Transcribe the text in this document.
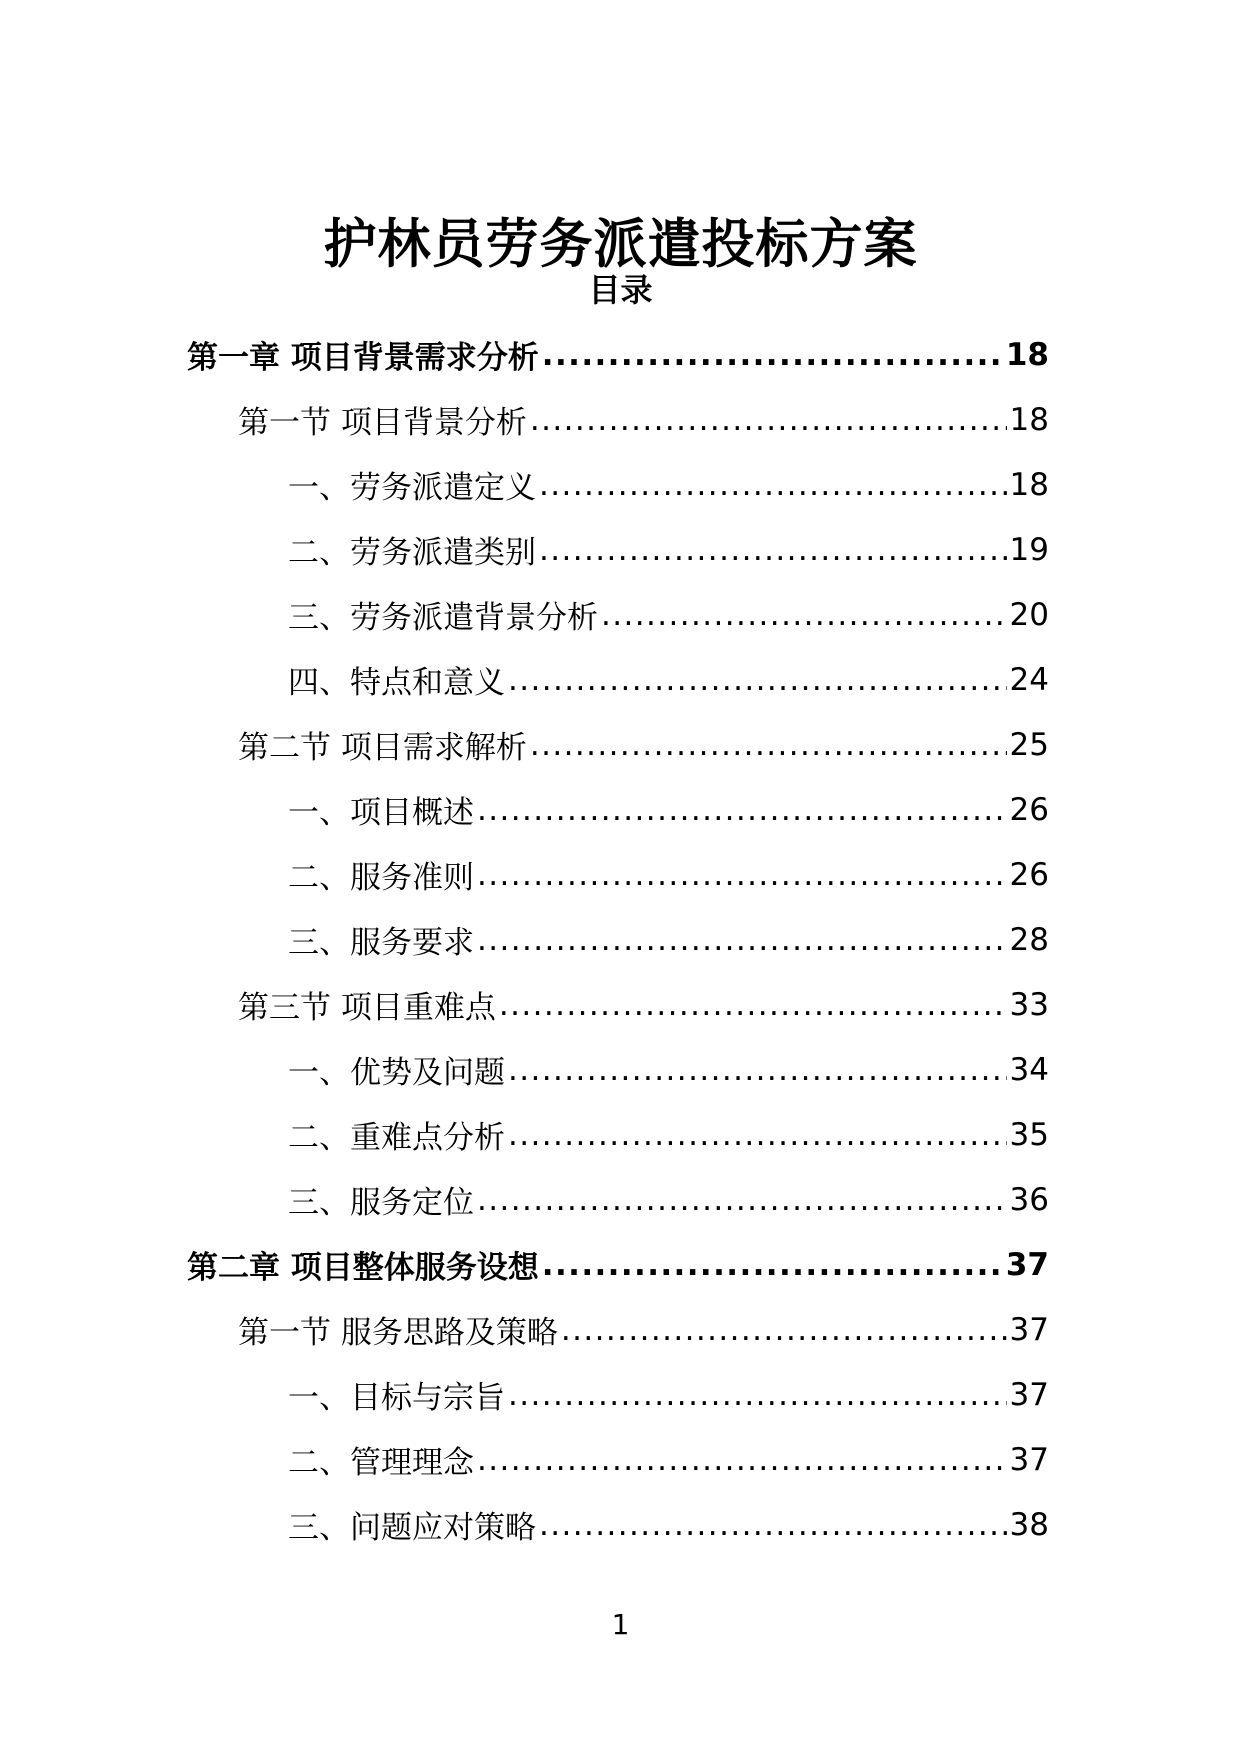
护林员劳务派遣投标方案
目录
第一章 项目背景需求分析 .....	18
第一节 项目背景分析 .....	18
一、劳务派遣定义 .....	18
二、劳务派遣类别 .....	19
三、劳务派遣背景分析 .....	20
四、特点和意义 .....	24
第二节 项目需求解析 .....	25
一、项目概述 .....	26
二、服务准则 .....	26
三、服务要求 .....	28
第三节 项目重难点 .....	33
一、优势及问题 .....	34
二、重难点分析 .....	35
三、服务定位 .....	36
第二章 项目整体服务设想 .....	37
第一节 服务思路及策略 .....	37
一、目标与宗旨 .....	37
二、管理理念 .....	37
三、问题应对策略 .....	38
1
